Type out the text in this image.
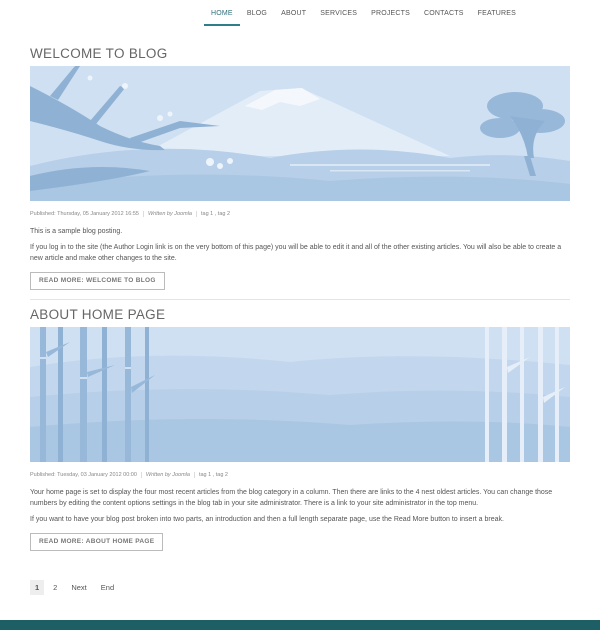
HOME	BLOG	ABOUT	SERVICES	PROJECTS	CONTACTS	FEATURES
WELCOME TO BLOG
Published: Thursday, 05 January 2012 16:55	Written by Joomla	tag 1 , tag 2

This is a sample blog posting.

If you log in to the site (the Author Login link is on the very bottom of this page) you will be able to edit it and all of the other existing articles. You will also be able to create a new article and make other changes to the site.

READ MORE: WELCOME TO BLOG
ABOUT HOME PAGE
Published: Tuesday, 03 January 2012 00:00	Written by Joomla	tag 1 , tag 2

Your home page is set to display the four most recent articles from the blog category in a column. Then there are links to the 4 nest oldest articles. You can change those numbers by editing the content options settings in the blog tab in your site administrator. There is a link to your site administrator in the top menu.

If you want to have your blog post broken into two parts, an introduction and then a full length separate page, use the Read More button to insert a break.

READ MORE: ABOUT HOME PAGE
1	2	Next	End
